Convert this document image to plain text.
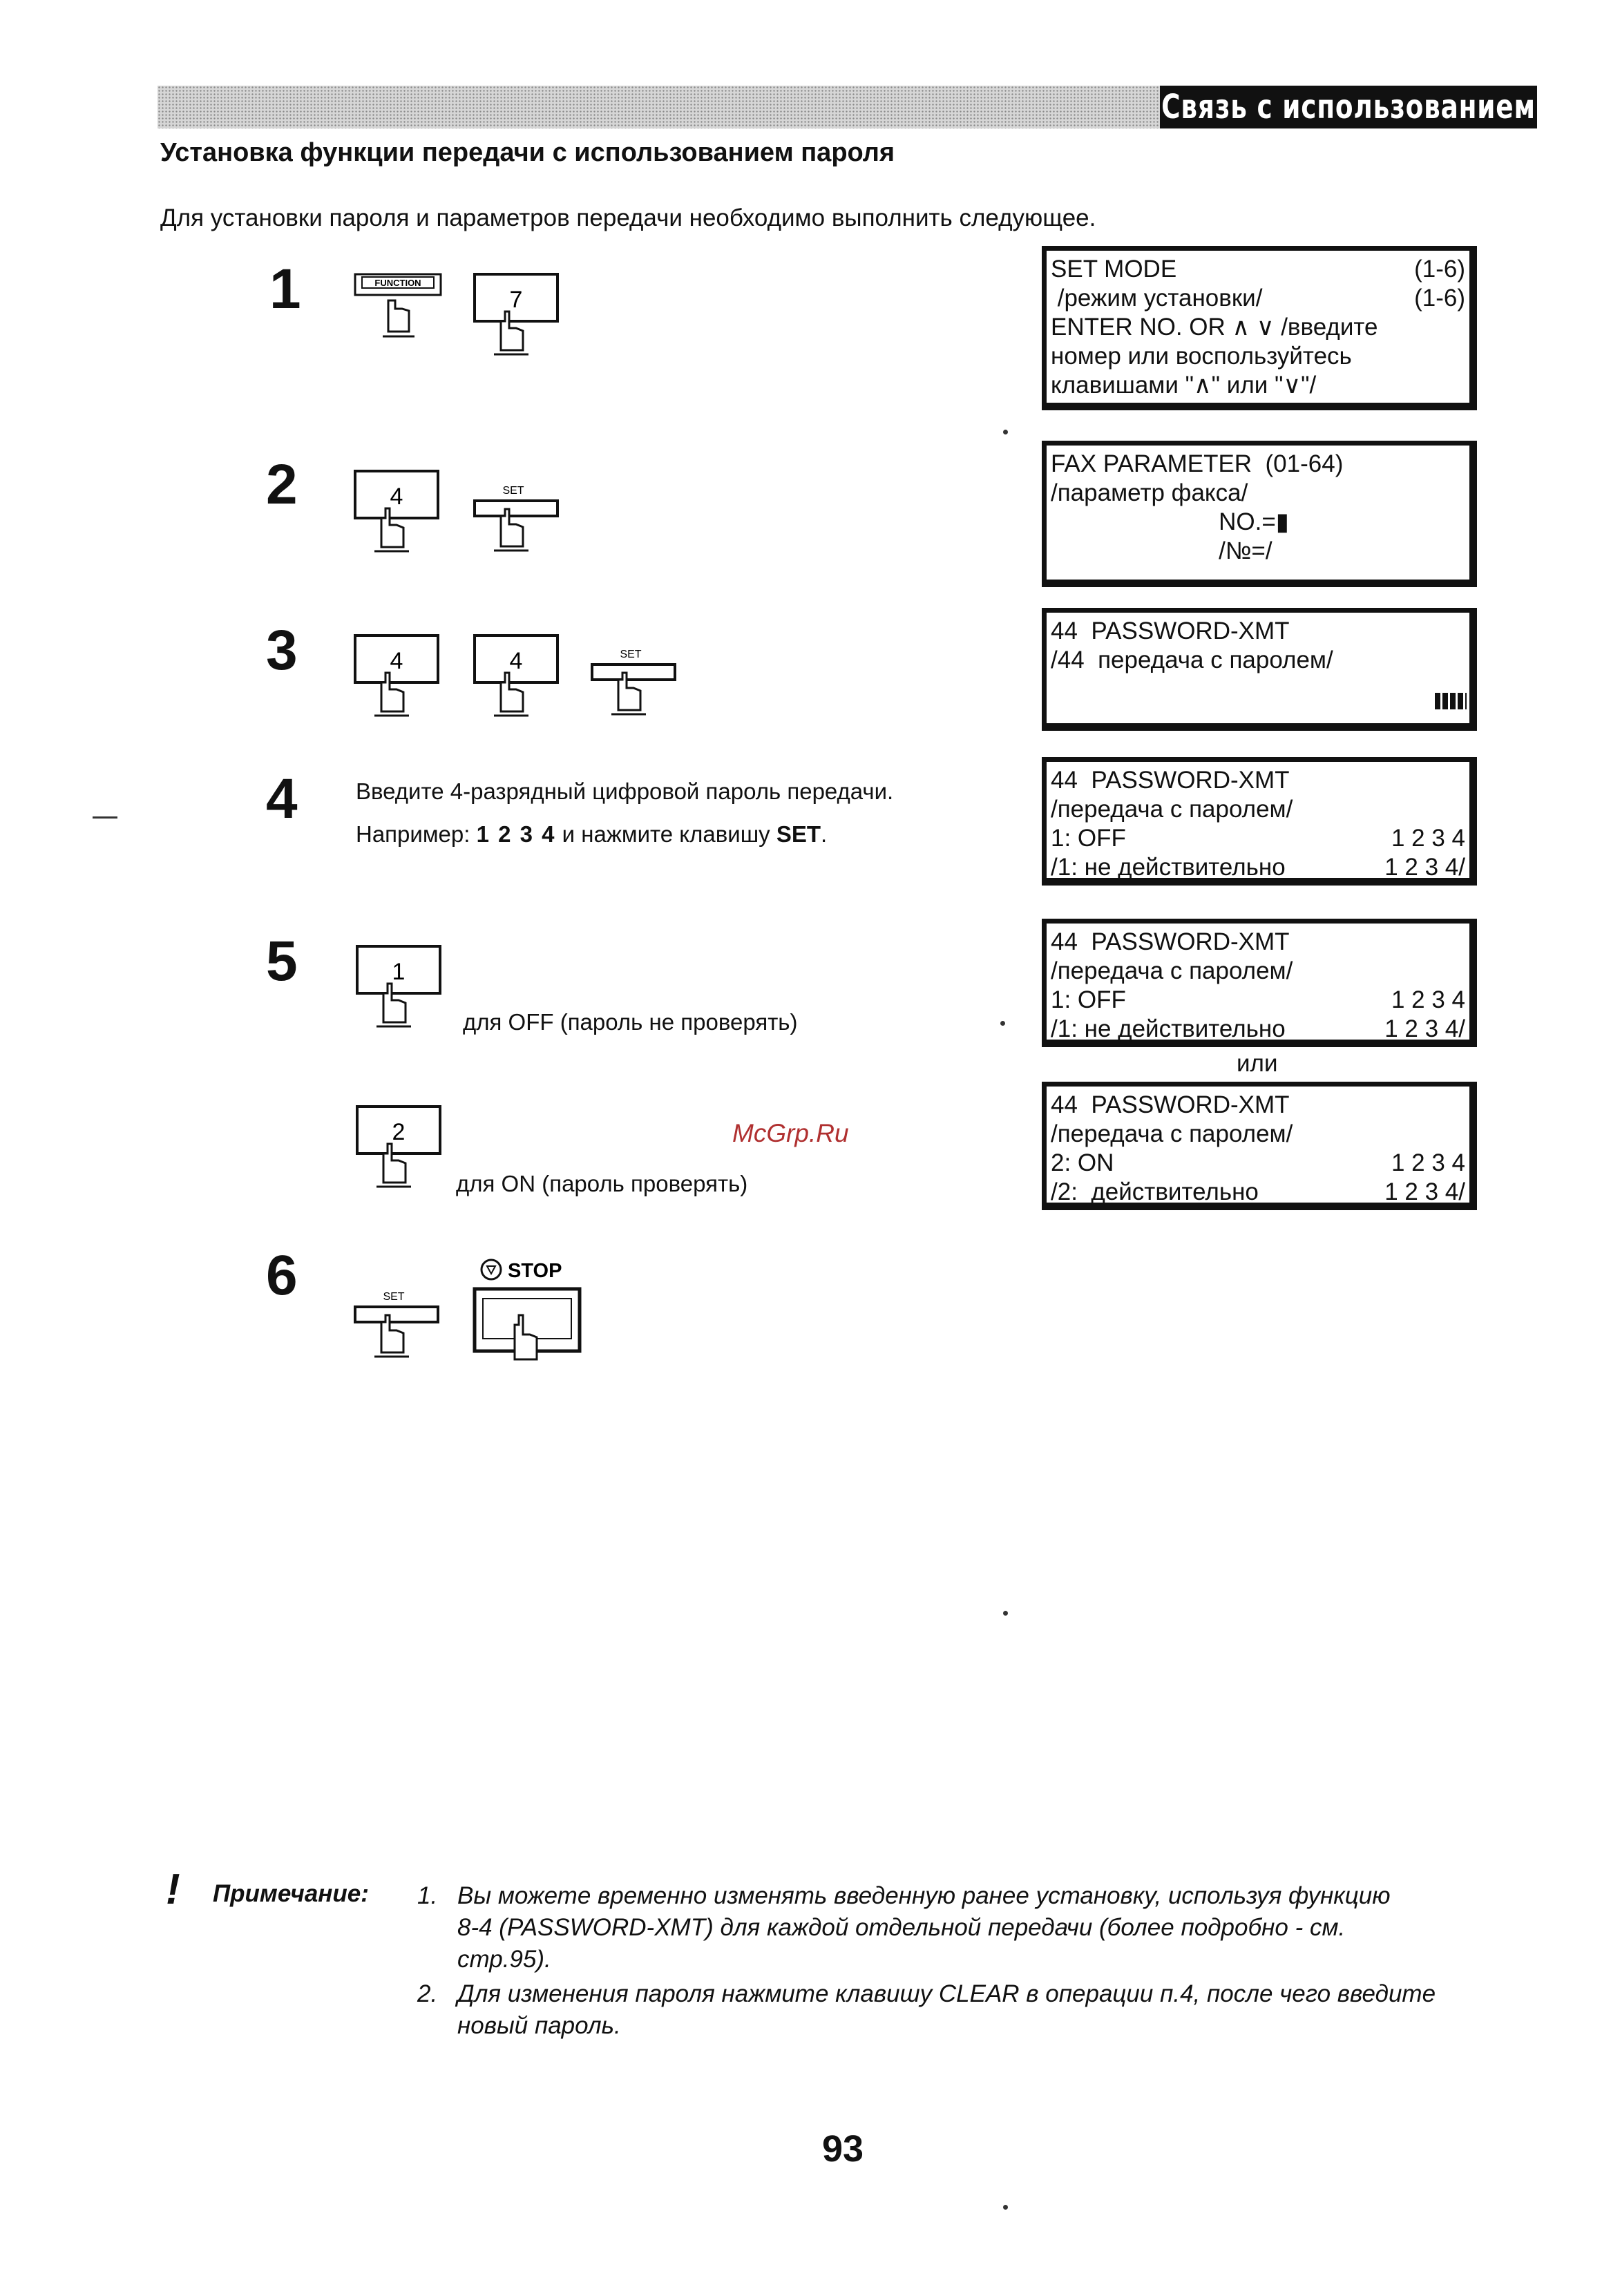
Связь с использованием пароля
Установка функции передачи с использованием пароля
Для установки пароля и параметров передачи необходимо выполнить следующее.
1
2
3
4
5
6
FUNCTION
7
4	SET
4	4	SET
Введите 4-разрядный цифровой пароль передачи.
Например: 1 2 3 4 и нажмите клавишу SET.
1
для OFF (пароль не проверять)
2
для ON (пароль проверять)
SET
STOP
SET MODE	(1-6)
/режим установки/	(1-6)
ENTER NO. OR ∧ ∨ /введите
номер или воспользуйтесь
клавишами "∧" или "∨"/
FAX PARAMETER  (01-64)
/параметр факса/
NO.=▮
/№=/
44  PASSWORD-XMT
/44  передача с паролем/
44  PASSWORD-XMT
/передача с паролем/
1: OFF	1 2 3 4
/1: не действительно	1 2 3 4/
44  PASSWORD-XMT
/передача с паролем/
1: OFF	1 2 3 4
/1: не действительно	1 2 3 4/
или
44  PASSWORD-XMT
/передача с паролем/
2: ON	1 2 3 4
/2:  действительно	1 2 3 4/
McGrp.Ru
! Примечание: 1. Вы можете временно изменять введенную ранее установку, используя функцию
8-4 (PASSWORD-XMT) для каждой отдельной передачи (более подробно - см.
стр.95).
2. Для изменения пароля нажмите клавишу CLEAR в операции п.4, после чего введите
новый пароль.
93
